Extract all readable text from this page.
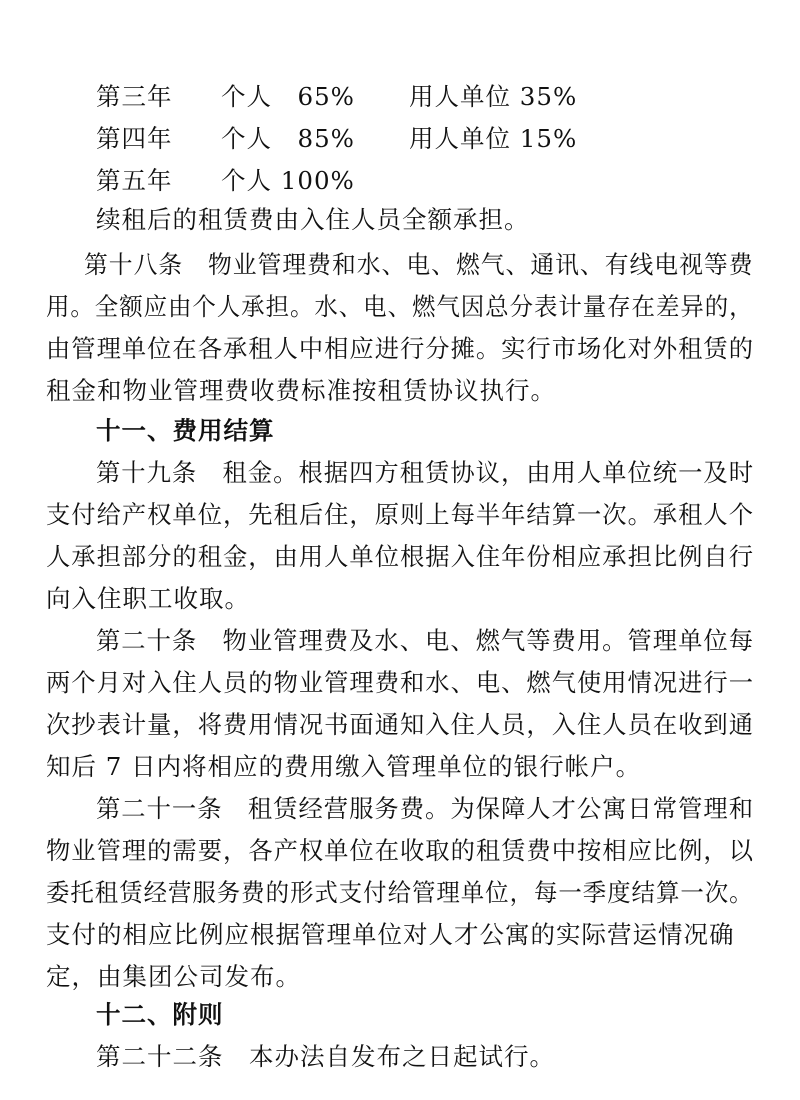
第三年 个人　65% 用人单位 35%
第四年 个人　85% 用人单位 15%
第五年 个人 100%
续租后的租赁费由入住人员全额承担。
第十八条　物业管理费和水、电、燃气、通讯、有线电视等费
用。全额应由个人承担。水、电、燃气因总分表计量存在差异的，
由管理单位在各承租人中相应进行分摊。实行市场化对外租赁的
租金和物业管理费收费标准按租赁协议执行。
十一、费用结算
第十九条　租金。根据四方租赁协议，由用人单位统一及时
支付给产权单位，先租后住，原则上每半年结算一次。承租人个
人承担部分的租金，由用人单位根据入住年份相应承担比例自行
向入住职工收取。
第二十条　物业管理费及水、电、燃气等费用。管理单位每
两个月对入住人员的物业管理费和水、电、燃气使用情况进行一
次抄表计量，将费用情况书面通知入住人员，入住人员在收到通
知后 7 日内将相应的费用缴入管理单位的银行帐户。
第二十一条　租赁经营服务费。为保障人才公寓日常管理和
物业管理的需要，各产权单位在收取的租赁费中按相应比例，以
委托租赁经营服务费的形式支付给管理单位，每一季度结算一次。
支付的相应比例应根据管理单位对人才公寓的实际营运情况确
定，由集团公司发布。
十二、附则
第二十二条　本办法自发布之日起试行。
